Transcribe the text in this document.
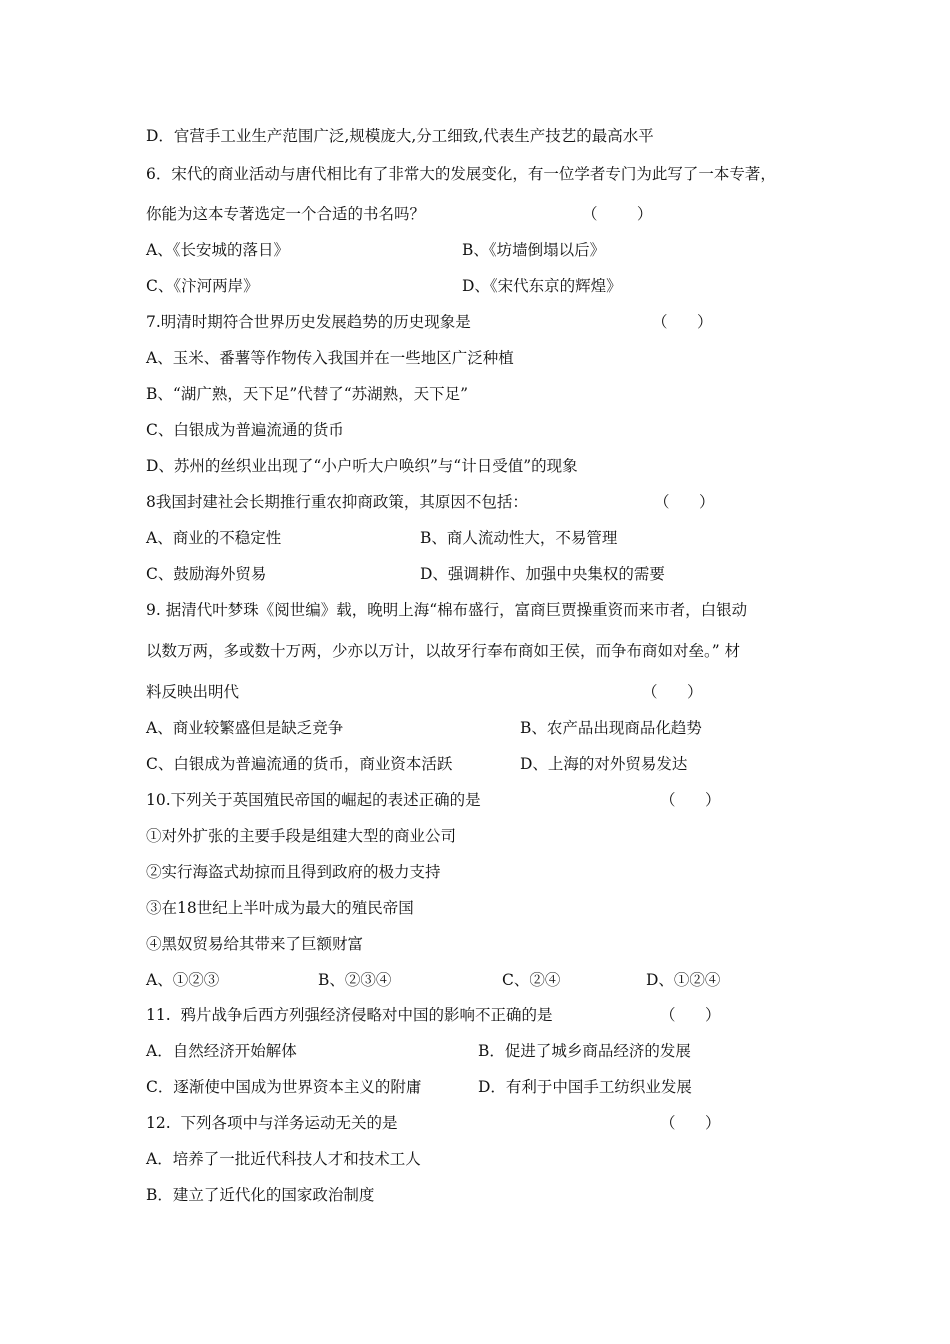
D．官营手工业生产范围广泛,规模庞大,分工细致,代表生产技艺的最高水平
6．宋代的商业活动与唐代相比有了非常大的发展变化，有一位学者专门为此写了一本专著，
你能为这本专著选定一个合适的书名吗？	（        ）
A、《长安城的落日》	B、《坊墙倒塌以后》
C、《汴河两岸》	D、《宋代东京的辉煌》
7.明清时期符合世界历史发展趋势的历史现象是	（      ）
A、玉米、番薯等作物传入我国并在一些地区广泛种植
B、“湖广熟，天下足”代替了“苏湖熟，天下足”
C、白银成为普遍流通的货币
D、苏州的丝织业出现了“小户听大户唤织”与“计日受值”的现象
8我国封建社会长期推行重农抑商政策，其原因不包括：	（      ）
A、商业的不稳定性	B、商人流动性大，不易管理
C、鼓励海外贸易	D、强调耕作、加强中央集权的需要
9. 据清代叶梦珠《阅世编》载，晚明上海“棉布盛行，富商巨贾操重资而来市者，白银动
以数万两，多或数十万两，少亦以万计，以故牙行奉布商如王侯，而争布商如对垒。” 材
料反映出明代	（      ）
A、商业较繁盛但是缺乏竞争	B、农产品出现商品化趋势
C、白银成为普遍流通的货币，商业资本活跃	D、上海的对外贸易发达
10.下列关于英国殖民帝国的崛起的表述正确的是	（      ）
①对外扩张的主要手段是组建大型的商业公司
②实行海盗式劫掠而且得到政府的极力支持
③在18世纪上半叶成为最大的殖民帝国
④黑奴贸易给其带来了巨额财富
A、①②③	B、②③④	C、②④	D、①②④
11.  鸦片战争后西方列强经济侵略对中国的影响不正确的是	（      ）
A．自然经济开始解体	B．促进了城乡商品经济的发展
C．逐渐使中国成为世界资本主义的附庸	D．有利于中国手工纺织业发展
12.  下列各项中与洋务运动无关的是	（      ）
A．培养了一批近代科技人才和技术工人
B．建立了近代化的国家政治制度
